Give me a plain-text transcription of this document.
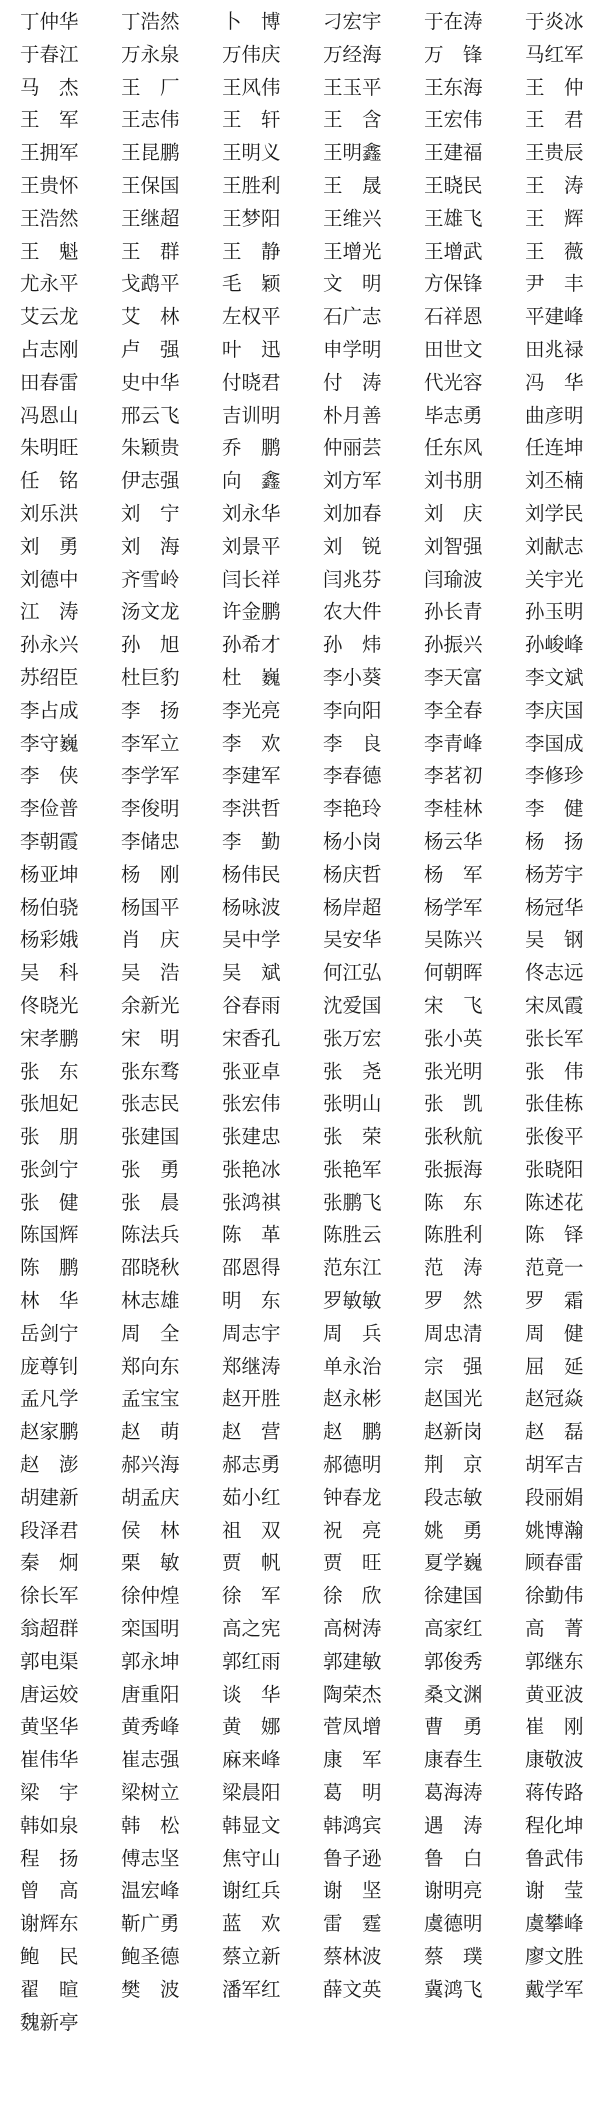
丁仲华	丁浩然	卜　博	刁宏宇	于在涛	于炎冰
于春江	万永泉	万伟庆	万经海	万　锋	马红军
马　杰	王　厂	王风伟	王玉平	王东海	王　仲
王　军	王志伟	王　轩	王　含	王宏伟	王　君
王拥军	王昆鹏	王明义	王明鑫	王建福	王贵辰
王贵怀	王保国	王胜利	王　晟	王晓民	王　涛
王浩然	王继超	王梦阳	王维兴	王雄飞	王　辉
王　魁	王　群	王　静	王增光	王增武	王　薇
尤永平	戈鹉平	毛　颖	文　明	方保锋	尹　丰
艾云龙	艾　林	左权平	石广志	石祥恩	平建峰
占志刚	卢　强	叶　迅	申学明	田世文	田兆禄
田春雷	史中华	付晓君	付　涛	代光容	冯　华
冯恩山	邢云飞	吉训明	朴月善	毕志勇	曲彦明
朱明旺	朱颖贵	乔　鹏	仲丽芸	任东风	任连坤
任　铭	伊志强	向　鑫	刘方军	刘书朋	刘丕楠
刘乐洪	刘　宁	刘永华	刘加春	刘　庆	刘学民
刘　勇	刘　海	刘景平	刘　锐	刘智强	刘献志
刘德中	齐雪岭	闫长祥	闫兆芬	闫瑜波	关宇光
江　涛	汤文龙	许金鹏	农大件	孙长青	孙玉明
孙永兴	孙　旭	孙希才	孙　炜	孙振兴	孙峻峰
苏绍臣	杜巨豹	杜　巍	李小葵	李天富	李文斌
李占成	李　扬	李光亮	李向阳	李全春	李庆国
李守巍	李军立	李　欢	李　良	李青峰	李国成
李　侠	李学军	李建军	李春德	李茗初	李修珍
李俭普	李俊明	李洪哲	李艳玲	李桂林	李　健
李朝霞	李储忠	李　勤	杨小岗	杨云华	杨　扬
杨亚坤	杨　刚	杨伟民	杨庆哲	杨　军	杨芳宇
杨伯骁	杨国平	杨咏波	杨岸超	杨学军	杨冠华
杨彩娥	肖　庆	吴中学	吴安华	吴陈兴	吴　钢
吴　科	吴　浩	吴　斌	何江弘	何朝晖	佟志远
佟晓光	余新光	谷春雨	沈爱国	宋　飞	宋凤霞
宋孝鹏	宋　明	宋香孔	张万宏	张小英	张长军
张　东	张东骛	张亚卓	张　尧	张光明	张　伟
张旭妃	张志民	张宏伟	张明山	张　凯	张佳栋
张　朋	张建国	张建忠	张　荣	张秋航	张俊平
张剑宁	张　勇	张艳冰	张艳军	张振海	张晓阳
张　健	张　晨	张鸿祺	张鹏飞	陈　东	陈述花
陈国辉	陈法兵	陈　革	陈胜云	陈胜利	陈　铎
陈　鹏	邵晓秋	邵恩得	范东江	范　涛	范竟一
林　华	林志雄	明　东	罗敏敏	罗　然	罗　霜
岳剑宁	周　全	周志宇	周　兵	周忠清	周　健
庞尊钊	郑向东	郑继涛	单永治	宗　强	屈　延
孟凡学	孟宝宝	赵开胜	赵永彬	赵国光	赵冠焱
赵家鹏	赵　萌	赵　营	赵　鹏	赵新岗	赵　磊
赵　澎	郝兴海	郝志勇	郝德明	荆　京	胡军吉
胡建新	胡孟庆	茹小红	钟春龙	段志敏	段丽娟
段泽君	侯　林	祖　双	祝　亮	姚　勇	姚博瀚
秦　炯	栗　敏	贾　帆	贾　旺	夏学巍	顾春雷
徐长军	徐仲煌	徐　军	徐　欣	徐建国	徐勤伟
翁超群	栾国明	高之宪	高树涛	高家红	高　菁
郭电渠	郭永坤	郭红雨	郭建敏	郭俊秀	郭继东
唐运姣	唐重阳	谈　华	陶荣杰	桑文渊	黄亚波
黄坚华	黄秀峰	黄　娜	菅凤增	曹　勇	崔　刚
崔伟华	崔志强	麻来峰	康　军	康春生	康敬波
梁　宇	梁树立	梁晨阳	葛　明	葛海涛	蒋传路
韩如泉	韩　松	韩显文	韩鸿宾	遇　涛	程化坤
程　扬	傅志坚	焦守山	鲁子逊	鲁　白	鲁武伟
曾　高	温宏峰	谢红兵	谢　坚	谢明亮	谢　莹
谢辉东	靳广勇	蓝　欢	雷　霆	虞德明	虞攀峰
鲍　民	鲍圣德	蔡立新	蔡林波	蔡　璞	廖文胜
翟　暄	樊　波	潘军红	薛文英	冀鸿飞	戴学军
魏新亭
